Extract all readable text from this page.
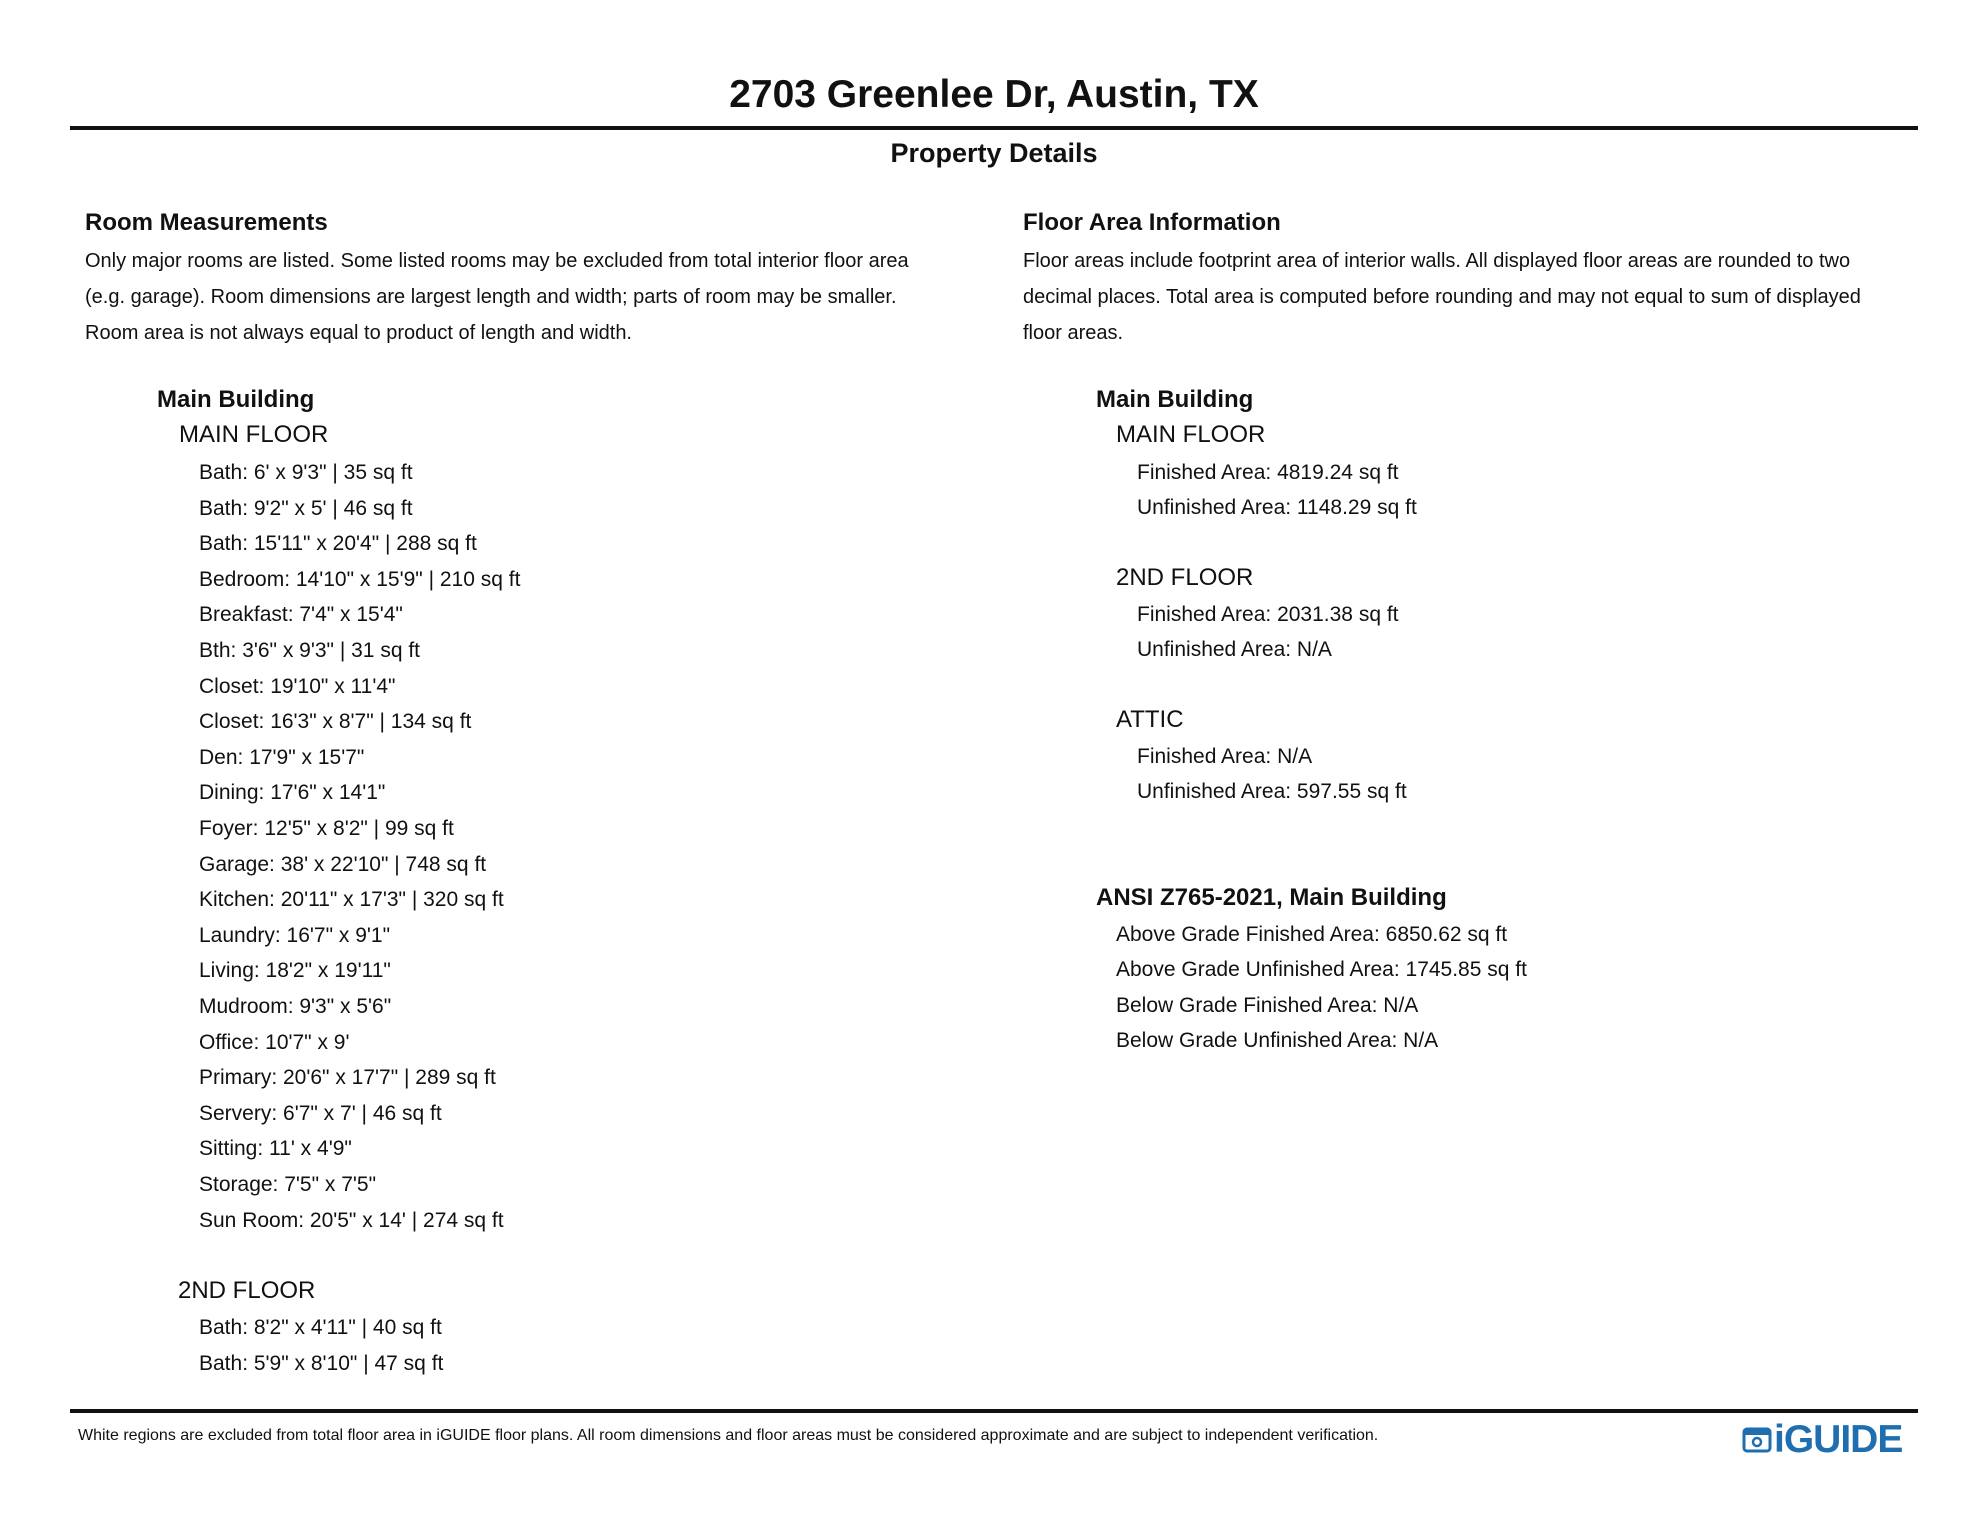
2703 Greenlee Dr, Austin, TX
Property Details

Room Measurements

Only major rooms are listed. Some listed rooms may be excluded from total interior floor area
(e.g. garage). Room dimensions are largest length and width; parts of room may be smaller.
Room area is not always equal to product of length and width.

Main Building
MAIN FLOOR
Bath: 6' x 9'3" | 35 sq ft
Bath: 9'2" x 5' | 46 sq ft
Bath: 15'11" x 20'4" | 288 sq ft
Bedroom: 14'10" x 15'9" | 210 sq ft
Breakfast: 7'4" x 15'4"
Bth: 3'6" x 9'3" | 31 sq ft
Closet: 19'10" x 11'4"
Closet: 16'3" x 8'7" | 134 sq ft
Den: 17'9" x 15'7"
Dining: 17'6" x 14'1"
Foyer: 12'5" x 8'2" | 99 sq ft
Garage: 38' x 22'10" | 748 sq ft
Kitchen: 20'11" x 17'3" | 320 sq ft
Laundry: 16'7" x 9'1"
Living: 18'2" x 19'11"
Mudroom: 9'3" x 5'6"
Office: 10'7" x 9'
Primary: 20'6" x 17'7" | 289 sq ft
Servery: 6'7" x 7' | 46 sq ft
Sitting: 11' x 4'9"
Storage: 7'5" x 7'5"
Sun Room: 20'5" x 14' | 274 sq ft
2ND FLOOR
Bath: 8'2" x 4'11" | 40 sq ft
Bath: 5'9" x 8'10" | 47 sq ft

Floor Area Information

Floor areas include footprint area of interior walls. All displayed floor areas are rounded to two
decimal places. Total area is computed before rounding and may not equal to sum of displayed
floor areas.

Main Building
MAIN FLOOR
Finished Area: 4819.24 sq ft
Unfinished Area: 1148.29 sq ft
2ND FLOOR
Finished Area: 2031.38 sq ft
Unfinished Area: N/A
ATTIC
Finished Area: N/A
Unfinished Area: 597.55 sq ft
ANSI Z765-2021, Main Building
Above Grade Finished Area: 6850.62 sq ft
Above Grade Unfinished Area: 1745.85 sq ft
Below Grade Finished Area: N/A
Below Grade Unfinished Area: N/A
White regions are excluded from total floor area in iGUIDE floor plans. All room dimensions and floor areas must be considered approximate and are subject to independent verification.	iGUIDE
